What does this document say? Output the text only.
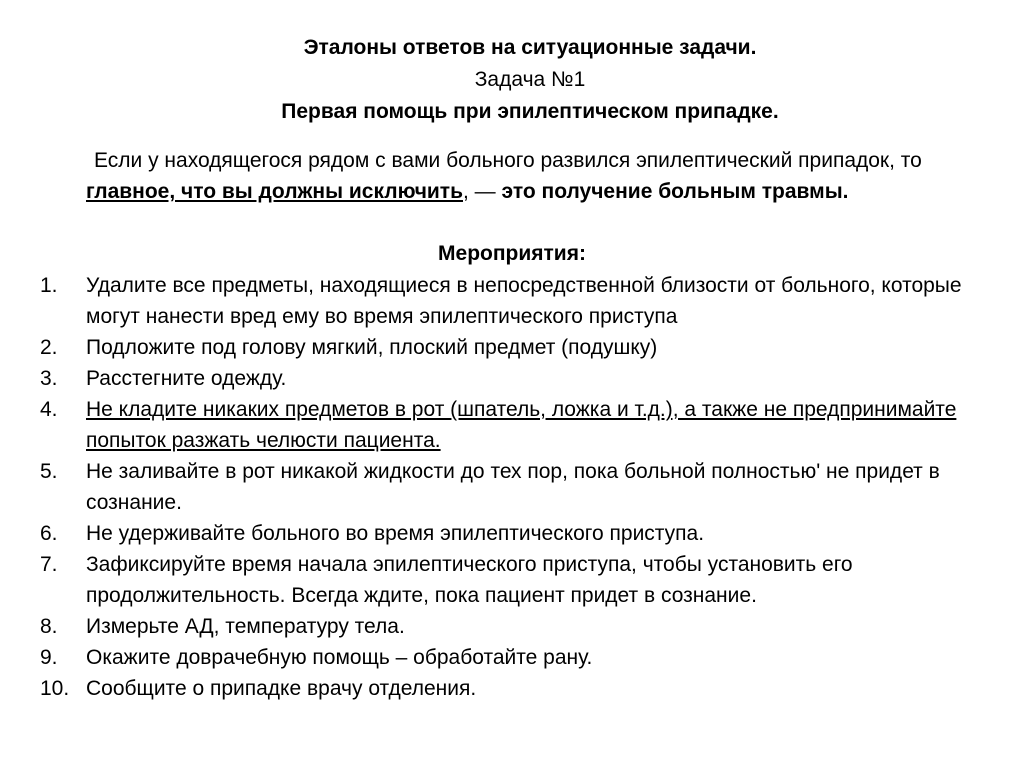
Эталоны ответов на ситуационные задачи.
Задача №1
Первая помощь при эпилептическом припадке.
Если у находящегося рядом с вами больного развился эпилептический припадок, то главное, что вы должны исключить, — это получение больным травмы.
Мероприятия:
1.	Удалите все предметы, находящиеся в непосредственной близости от больного, которые могут нанести вред ему во время эпилептического приступа
2.	Подложите под голову мягкий, плоский предмет (подушку)
3.	Расстегните одежду.
4.	Не кладите никаких предметов в рот (шпатель, ложка и т.д.), а также не предпринимайте попыток разжать челюсти пациента.
5.	Не заливайте в рот никакой жидкости до тех пор, пока больной полностью' не придет в сознание.
6.	Не удерживайте больного во время эпилептического приступа.
7.	Зафиксируйте время начала эпилептического приступа, чтобы установить его продолжительность. Всегда ждите, пока пациент придет в сознание.
8.	Измерьте АД, температуру тела.
9.	Окажите доврачебную помощь – обработайте рану.
10. Сообщите о припадке врачу отделения.
